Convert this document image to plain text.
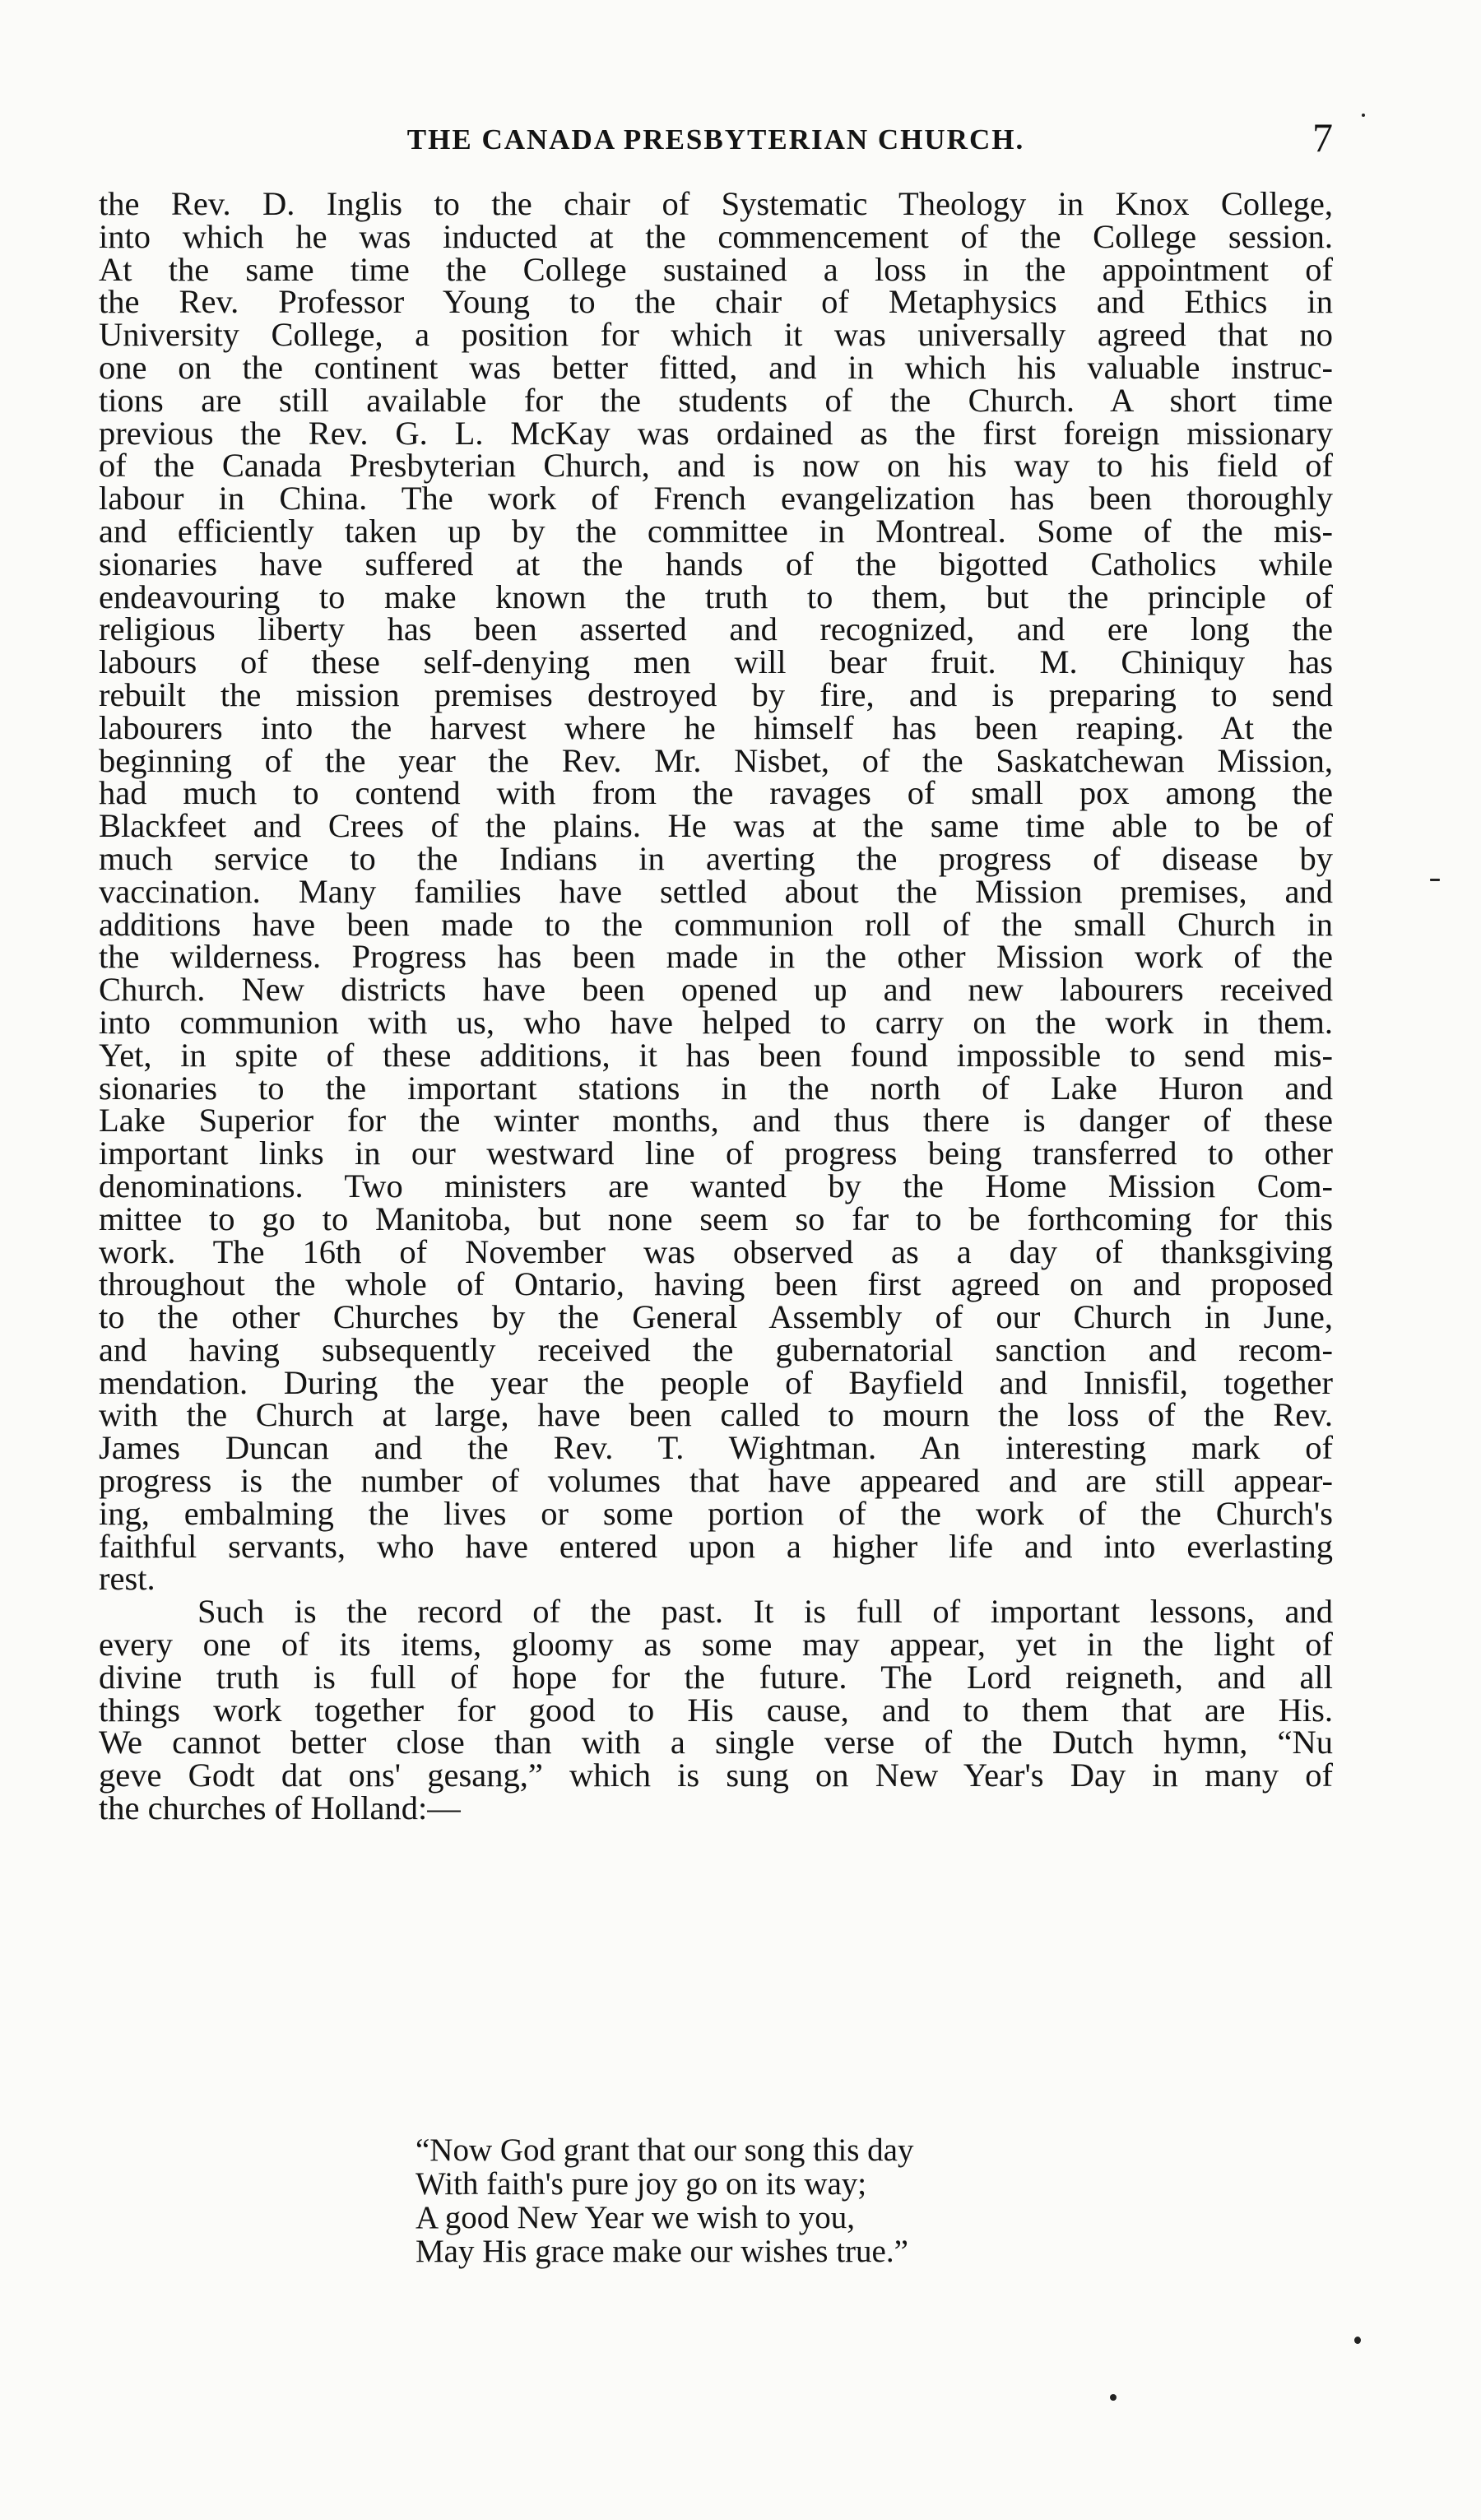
THE CANADA PRESBYTERIAN CHURCH.	7
the Rev. D. Inglis to the chair of Systematic Theology in Knox College,
into which he was inducted at the commencement of the College session.
At the same time the College sustained a loss in the appointment of
the Rev. Professor Young to the chair of Metaphysics and Ethics in
University College, a position for which it was universally agreed that no
one on the continent was better fitted, and in which his valuable instruc-
tions are still available for the students of the Church. A short time
previous the Rev. G. L. McKay was ordained as the first foreign missionary
of the Canada Presbyterian Church, and is now on his way to his field of
labour in China. The work of French evangelization has been thoroughly
and efficiently taken up by the committee in Montreal. Some of the mis-
sionaries have suffered at the hands of the bigotted Catholics while
endeavouring to make known the truth to them, but the principle of
religious liberty has been asserted and recognized, and ere long the
labours of these self-denying men will bear fruit. M. Chiniquy has
rebuilt the mission premises destroyed by fire, and is preparing to send
labourers into the harvest where he himself has been reaping. At the
beginning of the year the Rev. Mr. Nisbet, of the Saskatchewan Mission,
had much to contend with from the ravages of small pox among the
Blackfeet and Crees of the plains. He was at the same time able to be of
much service to the Indians in averting the progress of disease by
vaccination. Many families have settled about the Mission premises, and
additions have been made to the communion roll of the small Church in
the wilderness. Progress has been made in the other Mission work of the
Church. New districts have been opened up and new labourers received
into communion with us, who have helped to carry on the work in them.
Yet, in spite of these additions, it has been found impossible to send mis-
sionaries to the important stations in the north of Lake Huron and
Lake Superior for the winter months, and thus there is danger of these
important links in our westward line of progress being transferred to other
denominations. Two ministers are wanted by the Home Mission Com-
mittee to go to Manitoba, but none seem so far to be forthcoming for this
work. The 16th of November was observed as a day of thanksgiving
throughout the whole of Ontario, having been first agreed on and proposed
to the other Churches by the General Assembly of our Church in June,
and having subsequently received the gubernatorial sanction and recom-
mendation. During the year the people of Bayfield and Innisfil, together
with the Church at large, have been called to mourn the loss of the Rev.
James Duncan and the Rev. T. Wightman. An interesting mark of
progress is the number of volumes that have appeared and are still appear-
ing, embalming the lives or some portion of the work of the Church's
faithful servants, who have entered upon a higher life and into everlasting
rest.
Such is the record of the past. It is full of important lessons, and
every one of its items, gloomy as some may appear, yet in the light of
divine truth is full of hope for the future. The Lord reigneth, and all
things work together for good to His cause, and to them that are His.
We cannot better close than with a single verse of the Dutch hymn, “Nu
geve Godt dat ons' gesang,” which is sung on New Year's Day in many of
the churches of Holland:—
“Now God grant that our song this day
With faith's pure joy go on its way;
A good New Year we wish to you,
May His grace make our wishes true.”
